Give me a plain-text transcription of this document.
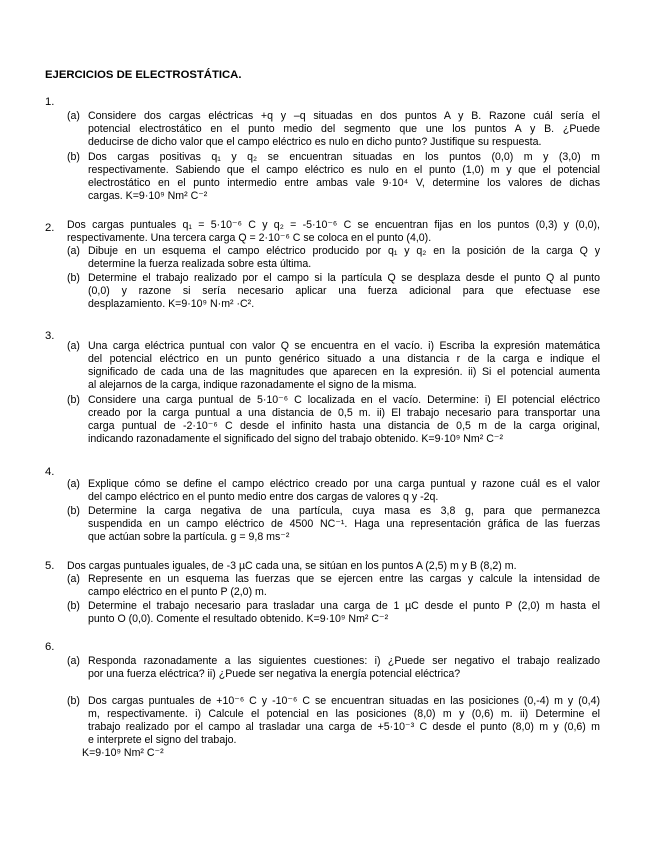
EJERCICIOS DE ELECTROSTÁTICA.
1.
2.
3.
4.
5.
6.
(a)
(b)
(a)
(b)
(a)
(b)
(a)
(b)
(a)
(b)
(a)
(b)
Considere dos cargas eléctricas +q y –q situadas en dos puntos A y B. Razone cuál sería el
potencial electrostático en el punto medio del segmento que une los puntos A y B. ¿Puede
deducirse de dicho valor que el campo eléctrico es nulo en dicho punto? Justifique su respuesta.
Dos cargas positivas q₁ y q₂ se encuentran situadas en los puntos (0,0) m y (3,0) m
respectivamente. Sabiendo que el campo eléctrico es nulo en el punto (1,0) m y que el potencial
electrostático en el punto intermedio entre ambas vale 9·10⁴ V, determine los valores de dichas
cargas. K=9·10⁹ Nm² C⁻²
Dos cargas puntuales q₁ = 5·10⁻⁶ C y q₂ = -5·10⁻⁶ C se encuentran fijas en los puntos (0,3) y (0,0),
respectivamente. Una tercera carga Q = 2·10⁻⁶ C se coloca en el punto (4,0).
Dibuje en un esquema el campo eléctrico producido por q₁ y q₂ en la posición de la carga Q y
determine la fuerza realizada sobre esta última.
Determine el trabajo realizado por el campo si la partícula Q se desplaza desde el punto Q al punto
(0,0) y razone si sería necesario aplicar una fuerza adicional para que efectuase ese
desplazamiento. K=9·10⁹ N·m² ·C².
Una carga eléctrica puntual con valor Q se encuentra en el vacío. i) Escriba la expresión matemática
del potencial eléctrico en un punto genérico situado a una distancia r de la carga e indique el
significado de cada una de las magnitudes que aparecen en la expresión. ii) Si el potencial aumenta
al alejarnos de la carga, indique razonadamente el signo de la misma.
Considere una carga puntual de 5·10⁻⁶ C localizada en el vacío. Determine: i) El potencial eléctrico
creado por la carga puntual a una distancia de 0,5 m. ii) El trabajo necesario para transportar una
carga puntual de -2·10⁻⁶ C desde el infinito hasta una distancia de 0,5 m de la carga original,
indicando razonadamente el significado del signo del trabajo obtenido. K=9·10⁹ Nm² C⁻²
Explique cómo se define el campo eléctrico creado por una carga puntual y razone cuál es el valor
del campo eléctrico en el punto medio entre dos cargas de valores q y -2q.
Determine la carga negativa de una partícula, cuya masa es 3,8 g, para que permanezca
suspendida en un campo eléctrico de 4500 NC⁻¹. Haga una representación gráfica de las fuerzas
que actúan sobre la partícula. g = 9,8 ms⁻²
Dos cargas puntuales iguales, de -3 µC cada una, se sitúan en los puntos A (2,5) m y B (8,2) m.
Represente en un esquema las fuerzas que se ejercen entre las cargas y calcule la intensidad de
campo eléctrico en el punto P (2,0) m.
Determine el trabajo necesario para trasladar una carga de 1 µC desde el punto P (2,0) m hasta el
punto O (0,0). Comente el resultado obtenido. K=9·10⁹ Nm² C⁻²
Responda razonadamente a las siguientes cuestiones: i) ¿Puede ser negativo el trabajo realizado
por una fuerza eléctrica? ii) ¿Puede ser negativa la energía potencial eléctrica?
Dos cargas puntuales de +10⁻⁶ C y -10⁻⁶ C se encuentran situadas en las posiciones (0,-4) m y (0,4)
m, respectivamente. i) Calcule el potencial en las posiciones (8,0) m y (0,6) m. ii) Determine el
trabajo realizado por el campo al trasladar una carga de +5·10⁻³ C desde el punto (8,0) m y (0,6) m
e interprete el signo del trabajo.
K=9·10⁹ Nm² C⁻²
